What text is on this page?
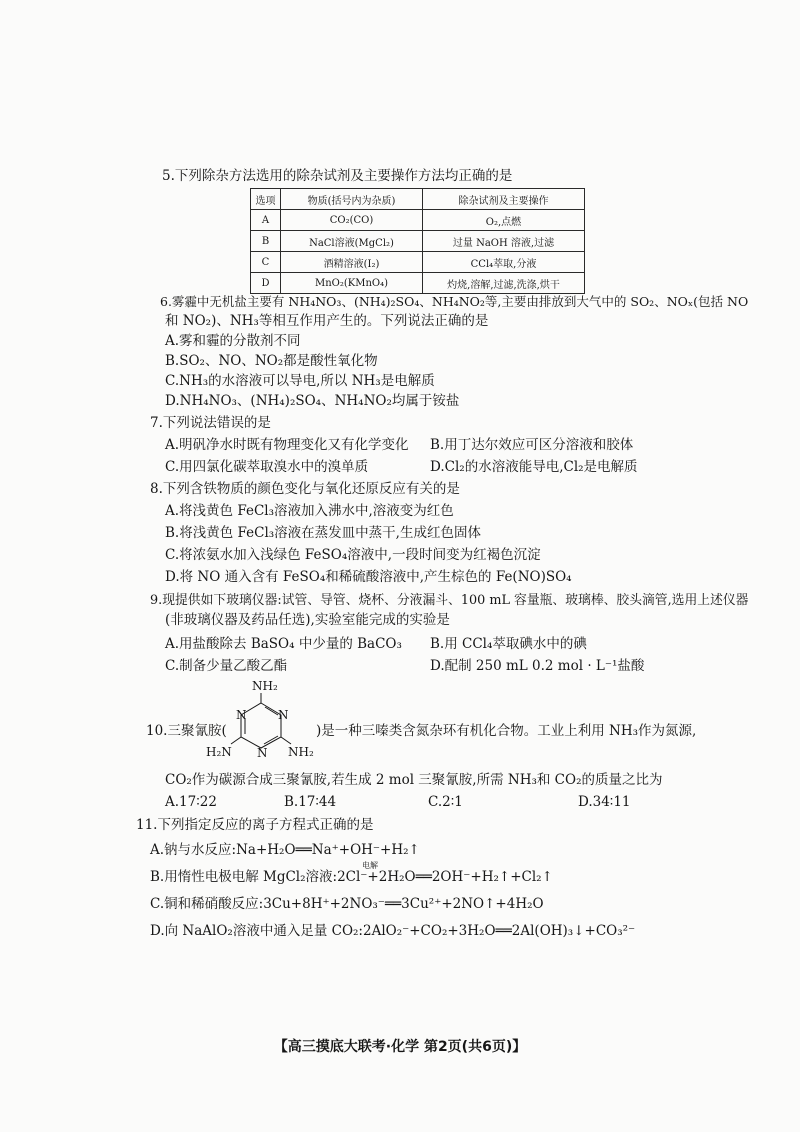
5.下列除杂方法选用的除杂试剂及主要操作方法均正确的是
选项	物质(括号内为杂质)	除杂试剂及主要操作
A	CO₂(CO)	O₂,点燃
B	NaCl溶液(MgCl₂)	过量 NaOH 溶液,过滤
C	酒精溶液(I₂)	CCl₄萃取,分液
D	MnO₂(KMnO₄)	灼烧,溶解,过滤,洗涤,烘干
6.雾霾中无机盐主要有 NH₄NO₃、(NH₄)₂SO₄、NH₄NO₂等,主要由排放到大气中的 SO₂、NOₓ(包括 NO
和 NO₂)、NH₃等相互作用产生的。下列说法正确的是
A.雾和霾的分散剂不同
B.SO₂、NO、NO₂都是酸性氧化物
C.NH₃的水溶液可以导电,所以 NH₃是电解质
D.NH₄NO₃、(NH₄)₂SO₄、NH₄NO₂均属于铵盐
7.下列说法错误的是
A.明矾净水时既有物理变化又有化学变化 B.用丁达尔效应可区分溶液和胶体
C.用四氯化碳萃取溴水中的溴单质	D.Cl₂的水溶液能导电,Cl₂是电解质
8.下列含铁物质的颜色变化与氧化还原反应有关的是
A.将浅黄色 FeCl₃溶液加入沸水中,溶液变为红色
B.将浅黄色 FeCl₃溶液在蒸发皿中蒸干,生成红色固体
C.将浓氨水加入浅绿色 FeSO₄溶液中,一段时间变为红褐色沉淀
D.将 NO 通入含有 FeSO₄和稀硫酸溶液中,产生棕色的 Fe(NO)SO₄
9.现提供如下玻璃仪器:试管、导管、烧杯、分液漏斗、100 mL 容量瓶、玻璃棒、胶头滴管,选用上述仪器
(非玻璃仪器及药品任选),实验室能完成的实验是
A.用盐酸除去 BaSO₄ 中少量的 BaCO₃ B.用 CCl₄萃取碘水中的碘
C.制备少量乙酸乙酯	D.配制 250 mL 0.2 mol · L⁻¹盐酸
NH₂
N
N
N
H₂N	NH₂
10.三聚氰胺(	)是一种三嗪类含氮杂环有机化合物。工业上利用 NH₃作为氮源,
CO₂作为碳源合成三聚氰胺,若生成 2 mol 三聚氰胺,所需 NH₃和 CO₂的质量之比为
A.17∶22	B.17∶44	C.2∶1	D.34∶11
11.下列指定反应的离子方程式正确的是
A.钠与水反应:Na+H₂O══Na⁺+OH⁻+H₂↑
电解
B.用惰性电极电解 MgCl₂溶液:2Cl⁻+2H₂O══2OH⁻+H₂↑+Cl₂↑
C.铜和稀硝酸反应:3Cu+8H⁺+2NO₃⁻══3Cu²⁺+2NO↑+4H₂O
D.向 NaAlO₂溶液中通入足量 CO₂:2AlO₂⁻+CO₂+3H₂O══2Al(OH)₃↓+CO₃²⁻
【高三摸底大联考·化学 第2页(共6页)】
